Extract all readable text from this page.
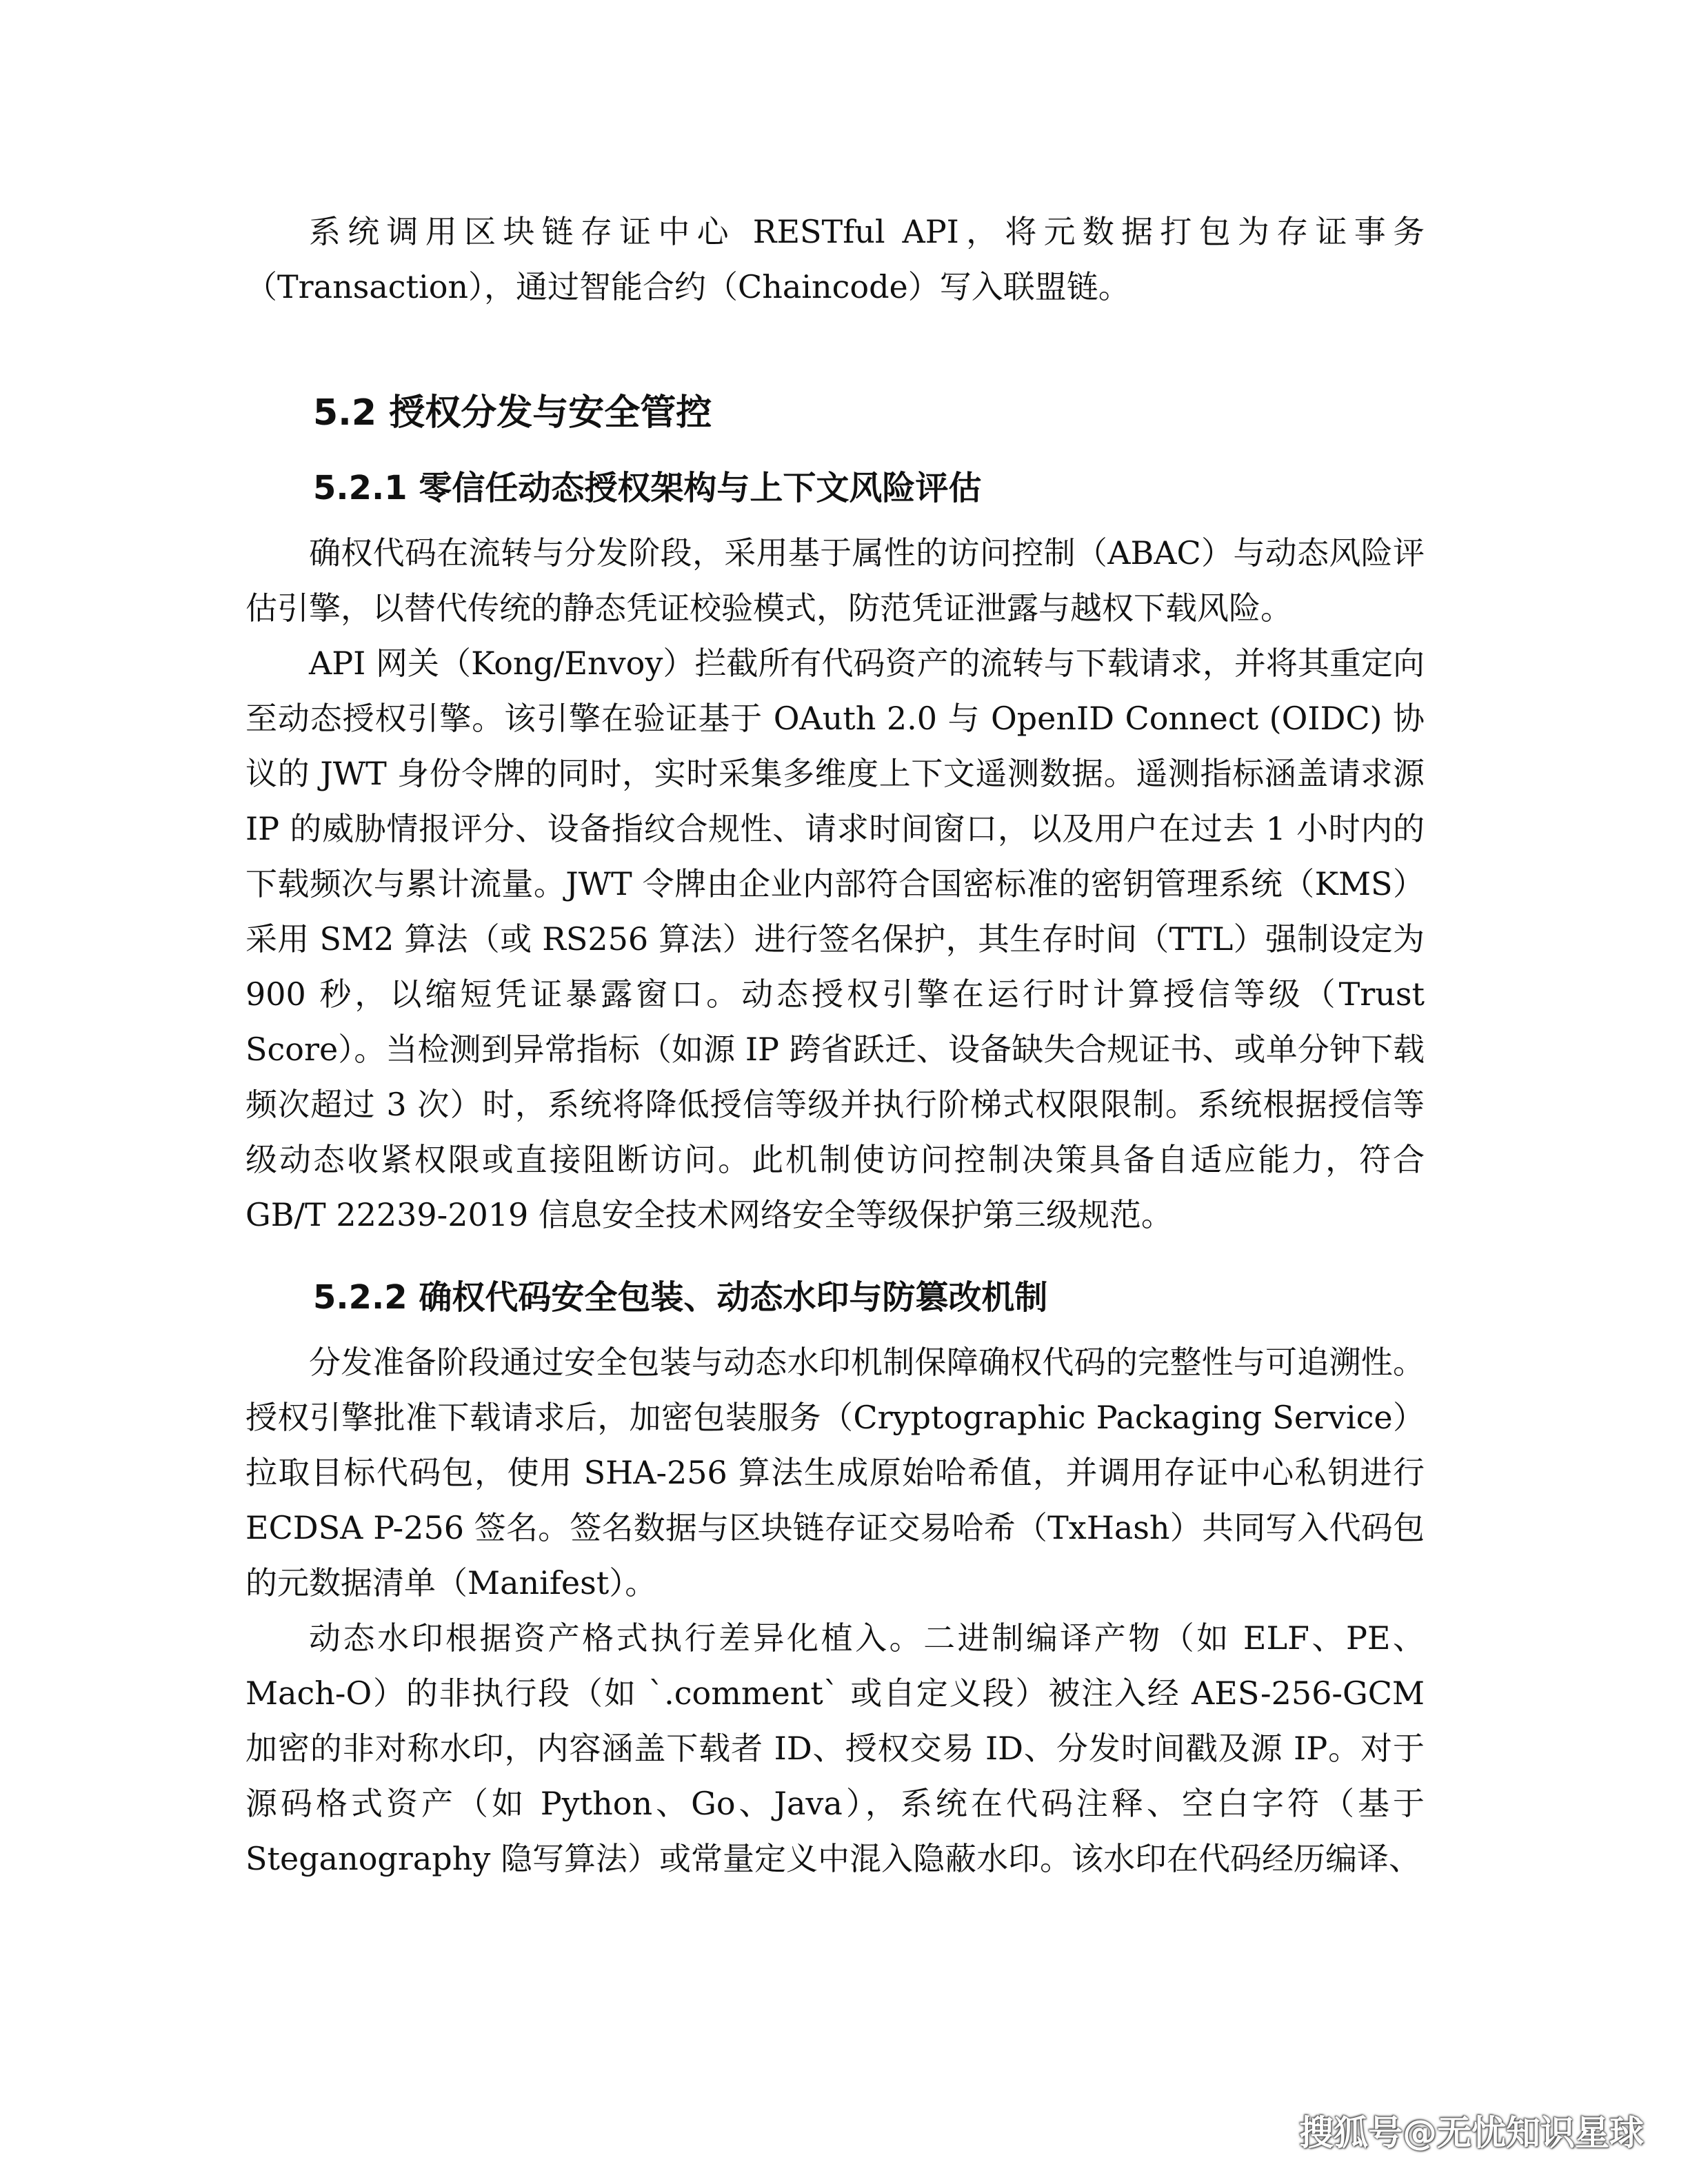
系统调用区块链存证中心 RESTful API，将元数据打包为存证事务（Transaction），通过智能合约（Chaincode）写入联盟链。

5.2 授权分发与安全管控
5.2.1 零信任动态授权架构与上下文风险评估

确权代码在流转与分发阶段，采用基于属性的访问控制（ABAC）与动态风险评估引擎，以替代传统的静态凭证校验模式，防范凭证泄露与越权下载风险。

API 网关（Kong/Envoy）拦截所有代码资产的流转与下载请求，并将其重定向至动态授权引擎。该引擎在验证基于 OAuth 2.0 与 OpenID Connect (OIDC) 协议的 JWT 身份令牌的同时，实时采集多维度上下文遥测数据。遥测指标涵盖请求源 IP 的威胁情报评分、设备指纹合规性、请求时间窗口，以及用户在过去 1 小时内的下载频次与累计流量。JWT 令牌由企业内部符合国密标准的密钥管理系统（KMS）采用 SM2 算法（或 RS256 算法）进行签名保护，其生存时间（TTL）强制设定为 900 秒，以缩短凭证暴露窗口。动态授权引擎在运行时计算授信等级（Trust Score）。当检测到异常指标（如源 IP 跨省跃迁、设备缺失合规证书、或单分钟下载频次超过 3 次）时，系统将降低授信等级并执行阶梯式权限限制。系统根据授信等级动态收紧权限或直接阻断访问。此机制使访问控制决策具备自适应能力，符合 GB/T 22239-2019 信息安全技术网络安全等级保护第三级规范。

5.2.2 确权代码安全包装、动态水印与防篡改机制

分发准备阶段通过安全包装与动态水印机制保障确权代码的完整性与可追溯性。授权引擎批准下载请求后，加密包装服务（Cryptographic Packaging Service）拉取目标代码包，使用 SHA-256 算法生成原始哈希值，并调用存证中心私钥进行 ECDSA P-256 签名。签名数据与区块链存证交易哈希（TxHash）共同写入代码包的元数据清单（Manifest）。

动态水印根据资产格式执行差异化植入。二进制编译产物（如 ELF、PE、Mach-O）的非执行段（如 `.comment` 或自定义段）被注入经 AES-256-GCM 加密的非对称水印，内容涵盖下载者 ID、授权交易 ID、分发时间戳及源 IP。对于源码格式资产（如 Python、Go、Java），系统在代码注释、空白字符（基于 Steganography 隐写算法）或常量定义中混入隐蔽水印。该水印在代码经历编译、

搜狐号@无忧知识星球
